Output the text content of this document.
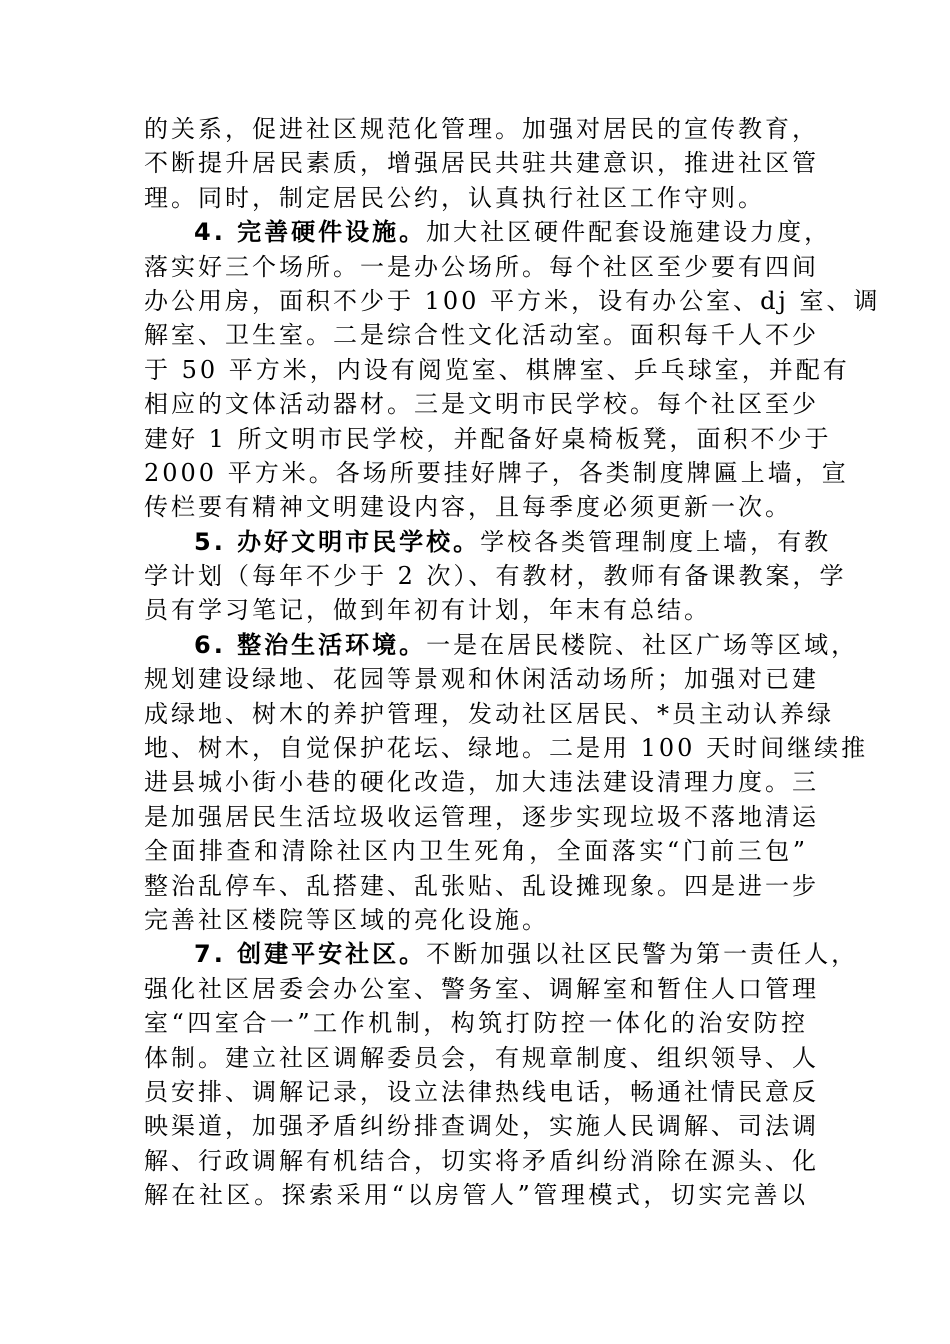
的关系，促进社区规范化管理。加强对居民的宣传教育，
不断提升居民素质，增强居民共驻共建意识，推进社区管
理。同时，制定居民公约，认真执行社区工作守则。
4. 完善硬件设施。加大社区硬件配套设施建设力度，
落实好三个场所。一是办公场所。每个社区至少要有四间
办公用房，面积不少于 100 平方米，设有办公室、dj 室、调
解室、卫生室。二是综合性文化活动室。面积每千人不少
于 50 平方米，内设有阅览室、棋牌室、乒乓球室，并配有
相应的文体活动器材。三是文明市民学校。每个社区至少
建好 1 所文明市民学校，并配备好桌椅板凳，面积不少于
2000 平方米。各场所要挂好牌子，各类制度牌匾上墙，宣
传栏要有精神文明建设内容，且每季度必须更新一次。
5. 办好文明市民学校。学校各类管理制度上墙，有教
学计划（每年不少于 2 次）、有教材，教师有备课教案，学
员有学习笔记，做到年初有计划，年末有总结。
6. 整治生活环境。一是在居民楼院、社区广场等区域，
规划建设绿地、花园等景观和休闲活动场所；加强对已建
成绿地、树木的养护管理，发动社区居民、*员主动认养绿
地、树木，自觉保护花坛、绿地。二是用 100 天时间继续推
进县城小街小巷的硬化改造，加大违法建设清理力度。三
是加强居民生活垃圾收运管理，逐步实现垃圾不落地清运
全面排查和清除社区内卫生死角，全面落实“门前三包”
整治乱停车、乱搭建、乱张贴、乱设摊现象。四是进一步
完善社区楼院等区域的亮化设施。
7. 创建平安社区。不断加强以社区民警为第一责任人，
强化社区居委会办公室、警务室、调解室和暂住人口管理
室“四室合一”工作机制，构筑打防控一体化的治安防控
体制。建立社区调解委员会，有规章制度、组织领导、人
员安排、调解记录，设立法律热线电话，畅通社情民意反
映渠道，加强矛盾纠纷排查调处，实施人民调解、司法调
解、行政调解有机结合，切实将矛盾纠纷消除在源头、化
解在社区。探索采用“以房管人”管理模式，切实完善以
